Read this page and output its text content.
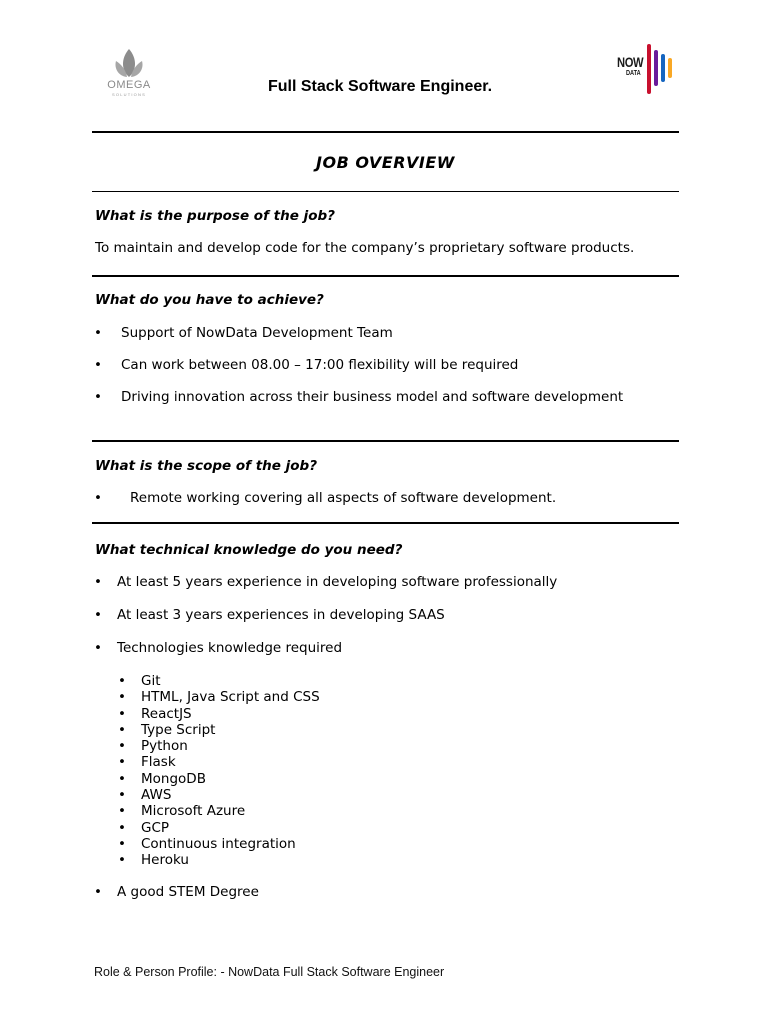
OMEGA
SOLUTIONS
NOW
DATA
Full Stack Software Engineer.
JOB OVERVIEW
What is the purpose of the job?
To maintain and develop code for the company’s proprietary software products.
What do you have to achieve?
• Support of NowData Development Team
• Can work between 08.00 – 17:00 flexibility will be required
• Driving innovation across their business model and software development
What is the scope of the job?
• Remote working covering all aspects of software development.
What technical knowledge do you need?
• At least 5 years experience in developing software professionally
• At least 3 years experiences in developing SAAS
• Technologies knowledge required
• Git
• HTML, Java Script and CSS
• ReactJS
• Type Script
• Python
• Flask
• MongoDB
• AWS
• Microsoft Azure
• GCP
• Continuous integration
• Heroku
• A good STEM Degree
Role & Person Profile: - NowData Full Stack Software Engineer
